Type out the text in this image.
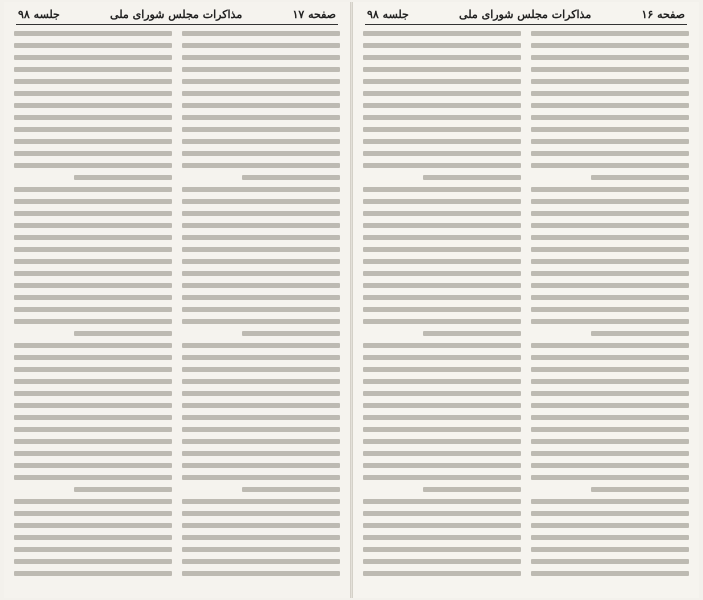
صفحه ۱۷
مذاکرات مجلس شورای ملی
جلسه ۹۸	صفحه ۱۶
مذاکرات مجلس شورای ملی
جلسه ۹۸
